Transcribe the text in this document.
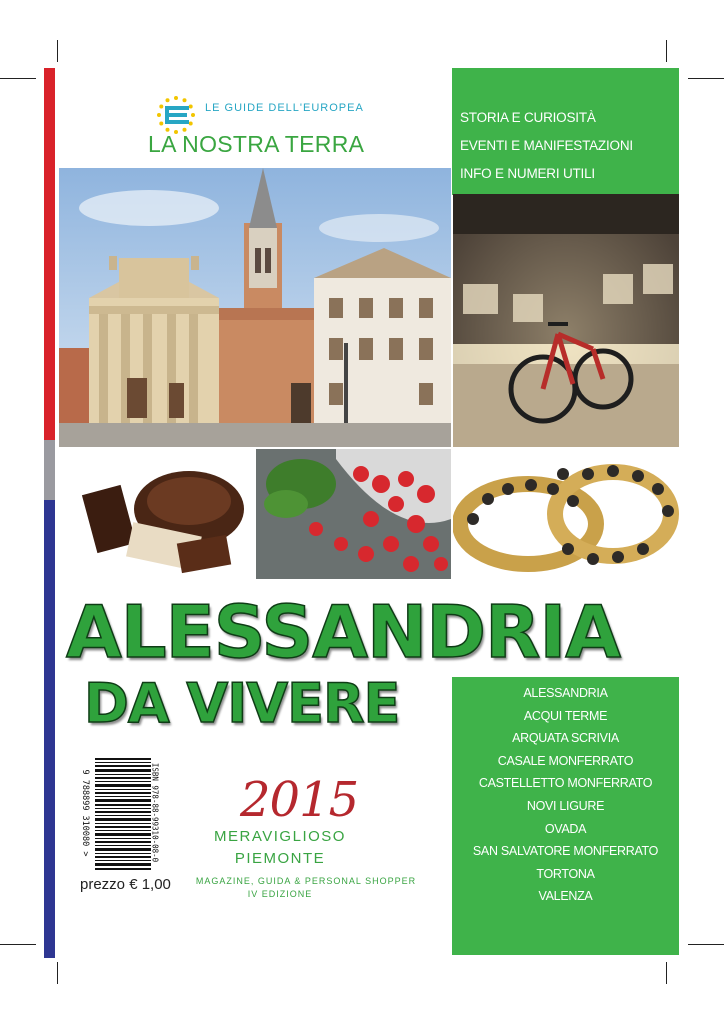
LE GUIDE DELL'EUROPEA
LA NOSTRA TERRA
STORIA E CURIOSITÀ
EVENTI E MANIFESTAZIONI
INFO E NUMERI UTILI
ALESSANDRIA
DA VIVERE	ALESSANDRIA
ACQUI TERME
ARQUATA SCRIVIA
CASALE MONFERRATO
CASTELLETTO MONFERRATO
NOVI LIGURE
OVADA
SAN SALVATORE MONFERRATO
TORTONA
VALENZA
9 788899 310080 >	ISBN 978-88-99310-08-0
prezzo € 1,00
2015
MERAVIGLIOSO
PIEMONTE
MAGAZINE, GUIDA & PERSONAL SHOPPER
IV EDIZIONE
